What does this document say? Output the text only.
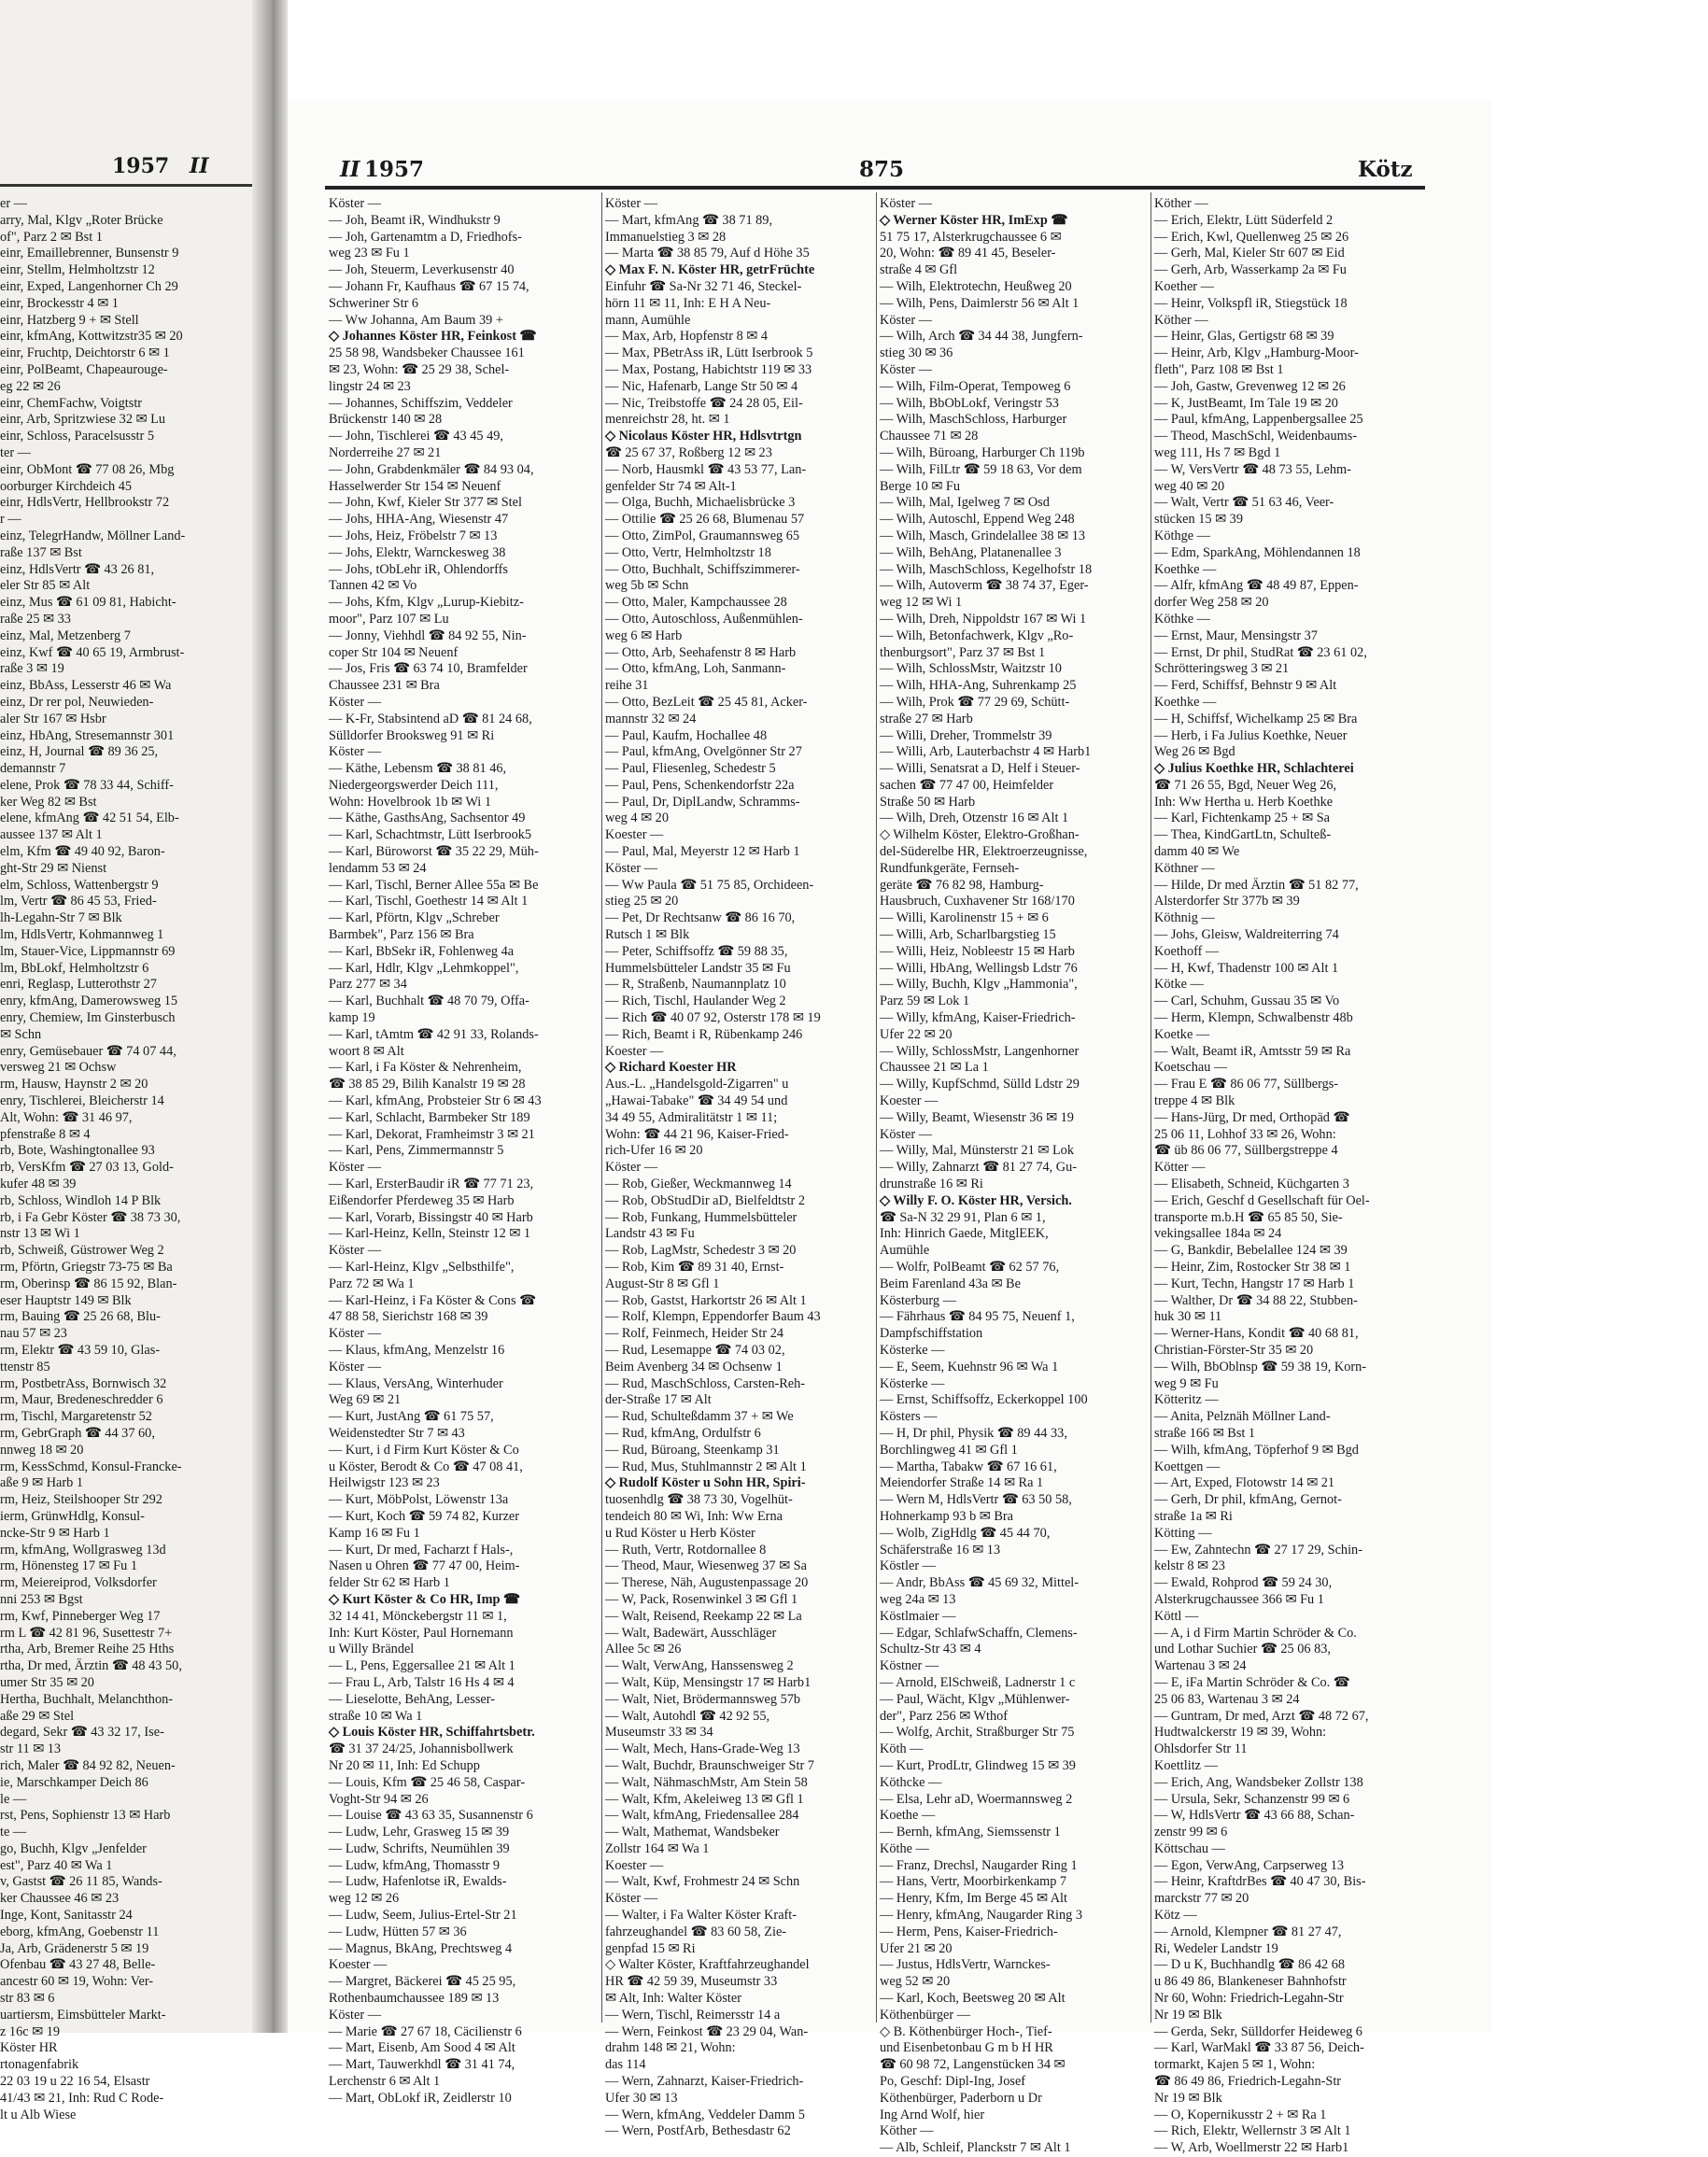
1957 II
er —
arry, Mal, Klgv „Roter Brücke
of", Parz 2 ✉ Bst 1
einr, Emaillebrenner, Bunsenstr 9
einr, Stellm, Helmholtzstr 12
einr, Exped, Langenhorner Ch 29
einr, Brockesstr 4 ✉ 1
einr, Hatzberg 9 + ✉ Stell
einr, kfmAng, Kottwitzstr35 ✉ 20
einr, Fruchtp, Deichtorstr 6 ✉ 1
einr, PolBeamt, Chapeaurouge-
eg 22 ✉ 26
einr, ChemFachw, Voigtstr
einr, Arb, Spritzwiese 32 ✉ Lu
einr, Schloss, Paracelsusstr 5
ter —
einr, ObMont ☎ 77 08 26, Mbg
oorburger Kirchdeich 45
einr, HdlsVertr, Hellbrookstr 72
r —
einz, TelegrHandw, Möllner Land-
raße 137 ✉ Bst
einz, HdlsVertr ☎ 43 26 81,
eler Str 85 ✉ Alt
einz, Mus ☎ 61 09 81, Habicht-
raße 25 ✉ 33
einz, Mal, Metzenberg 7
einz, Kwf ☎ 40 65 19, Armbrust-
raße 3 ✉ 19
einz, BbAss, Lesserstr 46 ✉ Wa
einz, Dr rer pol, Neuwieden-
aler Str 167 ✉ Hsbr
einz, HbAng, Stresemannstr 301
einz, H, Journal ☎ 89 36 25,
demannstr 7
elene, Prok ☎ 78 33 44, Schiff-
ker Weg 82 ✉ Bst
elene, kfmAng ☎ 42 51 54, Elb-
aussee 137 ✉ Alt 1
elm, Kfm ☎ 49 40 92, Baron-
ght-Str 29 ✉ Nienst
elm, Schloss, Wattenbergstr 9
lm, Vertr ☎ 86 45 53, Fried-
lh-Legahn-Str 7 ✉ Blk
lm, HdlsVertr, Kohmannweg 1
lm, Stauer-Vice, Lippmannstr 69
lm, BbLokf, Helmholtzstr 6
enri, Reglasp, Lutterothstr 27
enry, kfmAng, Damerowsweg 15
enry, Chemiew, Im Ginsterbusch
✉ Schn
enry, Gemüsebauer ☎ 74 07 44,
versweg 21 ✉ Ochsw
rm, Hausw, Haynstr 2 ✉ 20
enry, Tischlerei, Bleicherstr 14
Alt, Wohn: ☎ 31 46 97,
pfenstraße 8 ✉ 4
rb, Bote, Washingtonallee 93
rb, VersKfm ☎ 27 03 13, Gold-
kufer 48 ✉ 39
rb, Schloss, Windloh 14 P Blk
rb, i Fa Gebr Köster ☎ 38 73 30,
nstr 13 ✉ Wi 1
rb, Schweiß, Güstrower Weg 2
rm, Pförtn, Griegstr 73-75 ✉ Ba
rm, Oberinsp ☎ 86 15 92, Blan-
eser Hauptstr 149 ✉ Blk
rm, Bauing ☎ 25 26 68, Blu-
nau 57 ✉ 23
rm, Elektr ☎ 43 59 10, Glas-
ttenstr 85
rm, PostbetrAss, Bornwisch 32
rm, Maur, Bredeneschredder 6
rm, Tischl, Margaretenstr 52
rm, GebrGraph ☎ 44 37 60,
nnweg 18 ✉ 20
rm, KessSchmd, Konsul-Francke-
aße 9 ✉ Harb 1
rm, Heiz, Steilshooper Str 292
ierm, GrünwHdlg, Konsul-
ncke-Str 9 ✉ Harb 1
rm, kfmAng, Wollgrasweg 13d
rm, Hönensteg 17 ✉ Fu 1
rm, Meiereiprod, Volksdorfer
nni 253 ✉ Bgst
rm, Kwf, Pinneberger Weg 17
rm L ☎ 42 81 96, Susettestr 7+
rtha, Arb, Bremer Reihe 25 Hths
rtha, Dr med, Ärztin ☎ 48 43 50,
umer Str 35 ✉ 20
Hertha, Buchhalt, Melanchthon-
aße 29 ✉ Stel
degard, Sekr ☎ 43 32 17, Ise-
str 11 ✉ 13
rich, Maler ☎ 84 92 82, Neuen-
ie, Marschkamper Deich 86
le —
rst, Pens, Sophienstr 13 ✉ Harb
te —
go, Buchh, Klgv „Jenfelder
est", Parz 40 ✉ Wa 1
v, Gastst ☎ 26 11 85, Wands-
ker Chaussee 46 ✉ 23
Inge, Kont, Sanitasstr 24
eborg, kfmAng, Goebenstr 11
Ja, Arb, Grädenerstr 5 ✉ 19
Ofenbau ☎ 43 27 48, Belle-
ancestr 60 ✉ 19, Wohn: Ver-
str 83 ✉ 6
uartiersm, Eimsbütteler Markt-
z 16c ✉ 19
Köster HR
rtonagenfabrik
22 03 19 u 22 16 54, Elsastr
41/43 ✉ 21, Inh: Rud C Rode-
lt u Alb Wiese
II 1957	875	Kötz
Köster —
— Joh, Beamt iR, Windhukstr 9
— Joh, Gartenamtm a D, Friedhofs-
weg 23 ✉ Fu 1
— Joh, Steuerm, Leverkusenstr 40
— Johann Fr, Kaufhaus ☎ 67 15 74,
Schweriner Str 6
— Ww Johanna, Am Baum 39 +
◇ Johannes Köster HR, Feinkost ☎
25 58 98, Wandsbeker Chaussee 161
✉ 23, Wohn: ☎ 25 29 38, Schel-
lingstr 24 ✉ 23
— Johannes, Schiffszim, Veddeler
Brückenstr 140 ✉ 28
— John, Tischlerei ☎ 43 45 49,
Norderreihe 27 ✉ 21
— John, Grabdenkmäler ☎ 84 93 04,
Hasselwerder Str 154 ✉ Neuenf
— John, Kwf, Kieler Str 377 ✉ Stel
— Johs, HHA-Ang, Wiesenstr 47
— Johs, Heiz, Fröbelstr 7 ✉ 13
— Johs, Elektr, Warnckesweg 38
— Johs, tObLehr iR, Ohlendorffs
Tannen 42 ✉ Vo
— Johs, Kfm, Klgv „Lurup-Kiebitz-
moor", Parz 107 ✉ Lu
— Jonny, Viehhdl ☎ 84 92 55, Nin-
coper Str 104 ✉ Neuenf
— Jos, Fris ☎ 63 74 10, Bramfelder
Chaussee 231 ✉ Bra
Köster —
— K-Fr, Stabsintend aD ☎ 81 24 68,
Sülldorfer Brooksweg 91 ✉ Ri
Köster —
— Käthe, Lebensm ☎ 38 81 46,
Niedergeorgswerder Deich 111,
Wohn: Hovelbrook 1b ✉ Wi 1
— Käthe, GasthsAng, Sachsentor 49
— Karl, Schachtmstr, Lütt Iserbrook5
— Karl, Büroworst ☎ 35 22 29, Müh-
lendamm 53 ✉ 24
— Karl, Tischl, Berner Allee 55a ✉ Be
— Karl, Tischl, Goethestr 14 ✉ Alt 1
— Karl, Pförtn, Klgv „Schreber
Barmbek", Parz 156 ✉ Bra
— Karl, BbSekr iR, Fohlenweg 4a
— Karl, Hdlr, Klgv „Lehmkoppel",
Parz 277 ✉ 34
— Karl, Buchhalt ☎ 48 70 79, Offa-
kamp 19
— Karl, tAmtm ☎ 42 91 33, Rolands-
woort 8 ✉ Alt
— Karl, i Fa Köster & Nehrenheim,
☎ 38 85 29, Bilih Kanalstr 19 ✉ 28
— Karl, kfmAng, Probsteier Str 6 ✉ 43
— Karl, Schlacht, Barmbeker Str 189
— Karl, Dekorat, Framheimstr 3 ✉ 21
— Karl, Pens, Zimmermannstr 5
Köster —
— Karl, ErsterBaudir iR ☎ 77 71 23,
Eißendorfer Pferdeweg 35 ✉ Harb
— Karl, Vorarb, Bissingstr 40 ✉ Harb
— Karl-Heinz, Kelln, Steinstr 12 ✉ 1
Köster —
— Karl-Heinz, Klgv „Selbsthilfe",
Parz 72 ✉ Wa 1
— Karl-Heinz, i Fa Köster & Cons ☎
47 88 58, Sierichstr 168 ✉ 39
Köster —
— Klaus, kfmAng, Menzelstr 16
Köster —
— Klaus, VersAng, Winterhuder
Weg 69 ✉ 21
— Kurt, JustAng ☎ 61 75 57,
Weidenstedter Str 7 ✉ 43
— Kurt, i d Firm Kurt Köster & Co
u Köster, Berodt & Co ☎ 47 08 41,
Heilwigstr 123 ✉ 23
— Kurt, MöbPolst, Löwenstr 13a
— Kurt, Koch ☎ 59 74 82, Kurzer
Kamp 16 ✉ Fu 1
— Kurt, Dr med, Facharzt f Hals-,
Nasen u Ohren ☎ 77 47 00, Heim-
felder Str 62 ✉ Harb 1
◇ Kurt Köster & Co HR, Imp ☎
32 14 41, Mönckebergstr 11 ✉ 1,
Inh: Kurt Köster, Paul Hornemann
u Willy Brändel
— L, Pens, Eggersallee 21 ✉ Alt 1
— Frau L, Arb, Talstr 16 Hs 4 ✉ 4
— Lieselotte, BehAng, Lesser-
straße 10 ✉ Wa 1
◇ Louis Köster HR, Schiffahrtsbetr.
☎ 31 37 24/25, Johannisbollwerk
Nr 20 ✉ 11, Inh: Ed Schupp
— Louis, Kfm ☎ 25 46 58, Caspar-
Voght-Str 94 ✉ 26
— Louise ☎ 43 63 35, Susannenstr 6
— Ludw, Lehr, Grasweg 15 ✉ 39
— Ludw, Schrifts, Neumühlen 39
— Ludw, kfmAng, Thomasstr 9
— Ludw, Hafenlotse iR, Ewalds-
weg 12 ✉ 26
— Ludw, Seem, Julius-Ertel-Str 21
— Ludw, Hütten 57 ✉ 36
— Magnus, BkAng, Prechtsweg 4
Koester —
— Margret, Bäckerei ☎ 45 25 95,
Rothenbaumchaussee 189 ✉ 13
Köster —
— Marie ☎ 27 67 18, Cäcilienstr 6
— Mart, Eisenb, Am Sood 4 ✉ Alt
— Mart, Tauwerkhdl ☎ 31 41 74,
Lerchenstr 6 ✉ Alt 1
— Mart, ObLokf iR, Zeidlerstr 10
Köster —
— Mart, kfmAng ☎ 38 71 89,
Immanuelstieg 3 ✉ 28
— Marta ☎ 38 85 79, Auf d Höhe 35
◇ Max F. N. Köster HR, getrFrüchte
Einfuhr ☎ Sa-Nr 32 71 46, Steckel-
hörn 11 ✉ 11, Inh: E H A Neu-
mann, Aumühle
— Max, Arb, Hopfenstr 8 ✉ 4
— Max, PBetrAss iR, Lütt Iserbrook 5
— Max, Postang, Habichtstr 119 ✉ 33
— Nic, Hafenarb, Lange Str 50 ✉ 4
— Nic, Treibstoffe ☎ 24 28 05, Eil-
menreichstr 28, ht. ✉ 1
◇ Nicolaus Köster HR, Hdlsvtrtgn
☎ 25 67 37, Roßberg 12 ✉ 23
— Norb, Hausmkl ☎ 43 53 77, Lan-
genfelder Str 74 ✉ Alt-1
— Olga, Buchh, Michaelisbrücke 3
— Ottilie ☎ 25 26 68, Blumenau 57
— Otto, ZimPol, Graumannsweg 65
— Otto, Vertr, Helmholtzstr 18
— Otto, Buchhalt, Schiffszimmerer-
weg 5b ✉ Schn
— Otto, Maler, Kampchaussee 28
— Otto, Autoschloss, Außenmühlen-
weg 6 ✉ Harb
— Otto, Arb, Seehafenstr 8 ✉ Harb
— Otto, kfmAng, Loh, Sanmann-
reihe 31
— Otto, BezLeit ☎ 25 45 81, Acker-
mannstr 32 ✉ 24
— Paul, Kaufm, Hochallee 48
— Paul, kfmAng, Ovelgönner Str 27
— Paul, Fliesenleg, Schedestr 5
— Paul, Pens, Schenkendorfstr 22a
— Paul, Dr, DiplLandw, Schramms-
weg 4 ✉ 20
Koester —
— Paul, Mal, Meyerstr 12 ✉ Harb 1
Köster —
— Ww Paula ☎ 51 75 85, Orchideen-
stieg 25 ✉ 20
— Pet, Dr Rechtsanw ☎ 86 16 70,
Rutsch 1 ✉ Blk
— Peter, Schiffsoffz ☎ 59 88 35,
Hummelsbütteler Landstr 35 ✉ Fu
— R, Straßenb, Naumannplatz 10
— Rich, Tischl, Haulander Weg 2
— Rich ☎ 40 07 92, Osterstr 178 ✉ 19
— Rich, Beamt i R, Rübenkamp 246
Koester —
◇ Richard Koester HR
Aus.-L. „Handelsgold-Zigarren" u
„Hawai-Tabake" ☎ 34 49 54 und
34 49 55, Admiralitätstr 1 ✉ 11;
Wohn: ☎ 44 21 96, Kaiser-Fried-
rich-Ufer 16 ✉ 20
Köster —
— Rob, Gießer, Weckmannweg 14
— Rob, ObStudDir aD, Bielfeldtstr 2
— Rob, Funkang, Hummelsbütteler
Landstr 43 ✉ Fu
— Rob, LagMstr, Schedestr 3 ✉ 20
— Rob, Kim ☎ 89 31 40, Ernst-
August-Str 8 ✉ Gfl 1
— Rob, Gastst, Harkortstr 26 ✉ Alt 1
— Rolf, Klempn, Eppendorfer Baum 43
— Rolf, Feinmech, Heider Str 24
— Rud, Lesemappe ☎ 74 03 02,
Beim Avenberg 34 ✉ Ochsenw 1
— Rud, MaschSchloss, Carsten-Reh-
der-Straße 17 ✉ Alt
— Rud, Schulteßdamm 37 + ✉ We
— Rud, kfmAng, Ordulfstr 6
— Rud, Büroang, Steenkamp 31
— Rud, Mus, Stuhlmannstr 2 ✉ Alt 1
◇ Rudolf Köster u Sohn HR, Spiri-
tuosenhdlg ☎ 38 73 30, Vogelhüt-
tendeich 80 ✉ Wi, Inh: Ww Erna
u Rud Köster u Herb Köster
— Ruth, Vertr, Rotdornallee 8
— Theod, Maur, Wiesenweg 37 ✉ Sa
— Therese, Näh, Augustenpassage 20
— W, Pack, Rosenwinkel 3 ✉ Gfl 1
— Walt, Reisend, Reekamp 22 ✉ La
— Walt, Badewärt, Ausschläger
Allee 5c ✉ 26
— Walt, VerwAng, Hanssensweg 2
— Walt, Küp, Mensingstr 17 ✉ Harb1
— Walt, Niet, Brödermannsweg 57b
— Walt, Autohdl ☎ 42 92 55,
Museumstr 33 ✉ 34
— Walt, Mech, Hans-Grade-Weg 13
— Walt, Buchdr, Braunschweiger Str 7
— Walt, NähmaschMstr, Am Stein 58
— Walt, Kfm, Akeleiweg 13 ✉ Gfl 1
— Walt, kfmAng, Friedensallee 284
— Walt, Mathemat, Wandsbeker
Zollstr 164 ✉ Wa 1
Koester —
— Walt, Kwf, Frohmestr 24 ✉ Schn
Köster —
— Walter, i Fa Walter Köster Kraft-
fahrzeughandel ☎ 83 60 58, Zie-
genpfad 15 ✉ Ri
◇ Walter Köster, Kraftfahrzeughandel
HR ☎ 42 59 39, Museumstr 33
✉ Alt, Inh: Walter Köster
— Wern, Tischl, Reimersstr 14 a
— Wern, Feinkost ☎ 23 29 04, Wan-
drahm 148 ✉ 21, Wohn:
das 114
— Wern, Zahnarzt, Kaiser-Friedrich-
Ufer 30 ✉ 13
— Wern, kfmAng, Veddeler Damm 5
— Wern, PostfArb, Bethesdastr 62
Köster —
◇ Werner Köster HR, ImExp ☎
51 75 17, Alsterkrugchaussee 6 ✉
20, Wohn: ☎ 89 41 45, Beseler-
straße 4 ✉ Gfl
— Wilh, Elektrotechn, Heußweg 20
— Wilh, Pens, Daimlerstr 56 ✉ Alt 1
Köster —
— Wilh, Arch ☎ 34 44 38, Jungfern-
stieg 30 ✉ 36
Köster —
— Wilh, Film-Operat, Tempoweg 6
— Wilh, BbObLokf, Veringstr 53
— Wilh, MaschSchloss, Harburger
Chaussee 71 ✉ 28
— Wilh, Büroang, Harburger Ch 119b
— Wilh, FilLtr ☎ 59 18 63, Vor dem
Berge 10 ✉ Fu
— Wilh, Mal, Igelweg 7 ✉ Osd
— Wilh, Autoschl, Eppend Weg 248
— Wilh, Masch, Grindelallee 38 ✉ 13
— Wilh, BehAng, Platanenallee 3
— Wilh, MaschSchloss, Kegelhofstr 18
— Wilh, Autoverm ☎ 38 74 37, Eger-
weg 12 ✉ Wi 1
— Wilh, Dreh, Nippoldstr 167 ✉ Wi 1
— Wilh, Betonfachwerk, Klgv „Ro-
thenburgsort", Parz 37 ✉ Bst 1
— Wilh, SchlossMstr, Waitzstr 10
— Wilh, HHA-Ang, Suhrenkamp 25
— Wilh, Prok ☎ 77 29 69, Schütt-
straße 27 ✉ Harb
— Willi, Dreher, Trommelstr 39
— Willi, Arb, Lauterbachstr 4 ✉ Harb1
— Willi, Senatsrat a D, Helf i Steuer-
sachen ☎ 77 47 00, Heimfelder
Straße 50 ✉ Harb
— Wilh, Dreh, Otzenstr 16 ✉ Alt 1
◇ Wilhelm Köster, Elektro-Großhan-
del-Süderelbe HR, Elektroerzeugnisse,
Rundfunkgeräte, Fernseh-
geräte ☎ 76 82 98, Hamburg-
Hausbruch, Cuxhavener Str 168/170
— Willi, Karolinenstr 15 + ✉ 6
— Willi, Arb, Scharlbargstieg 15
— Willi, Heiz, Nobleestr 15 ✉ Harb
— Willi, HbAng, Wellingsb Ldstr 76
— Willy, Buchh, Klgv „Hammonia",
Parz 59 ✉ Lok 1
— Willy, kfmAng, Kaiser-Friedrich-
Ufer 22 ✉ 20
— Willy, SchlossMstr, Langenhorner
Chaussee 21 ✉ La 1
— Willy, KupfSchmd, Sülld Ldstr 29
Koester —
— Willy, Beamt, Wiesenstr 36 ✉ 19
Köster —
— Willy, Mal, Münsterstr 21 ✉ Lok
— Willy, Zahnarzt ☎ 81 27 74, Gu-
drunstraße 16 ✉ Ri
◇ Willy F. O. Köster HR, Versich.
☎ Sa-N 32 29 91, Plan 6 ✉ 1,
Inh: Hinrich Gaede, MitglEEK,
Aumühle
— Wolfr, PolBeamt ☎ 62 57 76,
Beim Farenland 43a ✉ Be
Kösterburg —
— Fährhaus ☎ 84 95 75, Neuenf 1,
Dampfschiffstation
Kösterke —
— E, Seem, Kuehnstr 96 ✉ Wa 1
Kösterke —
— Ernst, Schiffsoffz, Eckerkoppel 100
Kösters —
— H, Dr phil, Physik ☎ 89 44 33,
Borchlingweg 41 ✉ Gfl 1
— Martha, Tabakw ☎ 67 16 61,
Meiendorfer Straße 14 ✉ Ra 1
— Wern M, HdlsVertr ☎ 63 50 58,
Hohnerkamp 93 b ✉ Bra
— Wolb, ZigHdlg ☎ 45 44 70,
Schäferstraße 16 ✉ 13
Köstler —
— Andr, BbAss ☎ 45 69 32, Mittel-
weg 24a ✉ 13
Köstlmaier —
— Edgar, SchlafwSchaffn, Clemens-
Schultz-Str 43 ✉ 4
Köstner —
— Arnold, ElSchweiß, Ladnerstr 1 c
— Paul, Wächt, Klgv „Mühlenwer-
der", Parz 256 ✉ Wthof
— Wolfg, Archit, Straßburger Str 75
Köth —
— Kurt, ProdLtr, Glindweg 15 ✉ 39
Köthcke —
— Elsa, Lehr aD, Woermannsweg 2
Koethe —
— Bernh, kfmAng, Siemssenstr 1
Köthe —
— Franz, Drechsl, Naugarder Ring 1
— Hans, Vertr, Moorbirkenkamp 7
— Henry, Kfm, Im Berge 45 ✉ Alt
— Henry, kfmAng, Naugarder Ring 3
— Herm, Pens, Kaiser-Friedrich-
Ufer 21 ✉ 20
— Justus, HdlsVertr, Warnckes-
weg 52 ✉ 20
— Karl, Koch, Beetsweg 20 ✉ Alt
Köthenbürger —
◇ B. Köthenbürger Hoch-, Tief-
und Eisenbetonbau G m b H HR
☎ 60 98 72, Langenstücken 34 ✉
Po, Geschf: Dipl-Ing, Josef
Köthenbürger, Paderborn u Dr
Ing Arnd Wolf, hier
Köther —
— Alb, Schleif, Planckstr 7 ✉ Alt 1
Köther —
— Erich, Elektr, Lütt Süderfeld 2
— Erich, Kwl, Quellenweg 25 ✉ 26
— Gerh, Mal, Kieler Str 607 ✉ Eid
— Gerh, Arb, Wasserkamp 2a ✉ Fu
Koether —
— Heinr, Volkspfl iR, Stiegstück 18
Köther —
— Heinr, Glas, Gertigstr 68 ✉ 39
— Heinr, Arb, Klgv „Hamburg-Moor-
fleth", Parz 108 ✉ Bst 1
— Joh, Gastw, Grevenweg 12 ✉ 26
— K, JustBeamt, Im Tale 19 ✉ 20
— Paul, kfmAng, Lappenbergsallee 25
— Theod, MaschSchl, Weidenbaums-
weg 111, Hs 7 ✉ Bgd 1
— W, VersVertr ☎ 48 73 55, Lehm-
weg 40 ✉ 20
— Walt, Vertr ☎ 51 63 46, Veer-
stücken 15 ✉ 39
Köthge —
— Edm, SparkAng, Möhlendannen 18
Koethke —
— Alfr, kfmAng ☎ 48 49 87, Eppen-
dorfer Weg 258 ✉ 20
Köthke —
— Ernst, Maur, Mensingstr 37
— Ernst, Dr phil, StudRat ☎ 23 61 02,
Schrötteringsweg 3 ✉ 21
— Ferd, Schiffsf, Behnstr 9 ✉ Alt
Koethke —
— H, Schiffsf, Wichelkamp 25 ✉ Bra
— Herb, i Fa Julius Koethke, Neuer
Weg 26 ✉ Bgd
◇ Julius Koethke HR, Schlachterei
☎ 71 26 55, Bgd, Neuer Weg 26,
Inh: Ww Hertha u. Herb Koethke
— Karl, Fichtenkamp 25 + ✉ Sa
— Thea, KindGartLtn, Schulteß-
damm 40 ✉ We
Köthner —
— Hilde, Dr med Ärztin ☎ 51 82 77,
Alsterdorfer Str 377b ✉ 39
Köthnig —
— Johs, Gleisw, Waldreiterring 74
Koethoff —
— H, Kwf, Thadenstr 100 ✉ Alt 1
Kötke —
— Carl, Schuhm, Gussau 35 ✉ Vo
— Herm, Klempn, Schwalbenstr 48b
Koetke —
— Walt, Beamt iR, Amtsstr 59 ✉ Ra
Koetschau —
— Frau E ☎ 86 06 77, Süllbergs-
treppe 4 ✉ Blk
— Hans-Jürg, Dr med, Orthopäd ☎
25 06 11, Lohhof 33 ✉ 26, Wohn:
☎ üb 86 06 77, Süllbergstreppe 4
Kötter —
— Elisabeth, Schneid, Küchgarten 3
— Erich, Geschf d Gesellschaft für Oel-
transporte m.b.H ☎ 65 85 50, Sie-
vekingsallee 184a ✉ 24
— G, Bankdir, Bebelallee 124 ✉ 39
— Heinr, Zim, Rostocker Str 38 ✉ 1
— Kurt, Techn, Hangstr 17 ✉ Harb 1
— Walther, Dr ☎ 34 88 22, Stubben-
huk 30 ✉ 11
— Werner-Hans, Kondit ☎ 40 68 81,
Christian-Förster-Str 35 ✉ 20
— Wilh, BbOblnsp ☎ 59 38 19, Korn-
weg 9 ✉ Fu
Kötteritz —
— Anita, Pelznäh Möllner Land-
straße 166 ✉ Bst 1
— Wilh, kfmAng, Töpferhof 9 ✉ Bgd
Koettgen —
— Art, Exped, Flotowstr 14 ✉ 21
— Gerh, Dr phil, kfmAng, Gernot-
straße 1a ✉ Ri
Kötting —
— Ew, Zahntechn ☎ 27 17 29, Schin-
kelstr 8 ✉ 23
— Ewald, Rohprod ☎ 59 24 30,
Alsterkrugchaussee 366 ✉ Fu 1
Köttl —
— A, i d Firm Martin Schröder & Co.
und Lothar Suchier ☎ 25 06 83,
Wartenau 3 ✉ 24
— E, iFa Martin Schröder & Co. ☎
25 06 83, Wartenau 3 ✉ 24
— Guntram, Dr med, Arzt ☎ 48 72 67,
Hudtwalckerstr 19 ✉ 39, Wohn:
Ohlsdorfer Str 11
Koettlitz —
— Erich, Ang, Wandsbeker Zollstr 138
— Ursula, Sekr, Schanzenstr 99 ✉ 6
— W, HdlsVertr ☎ 43 66 88, Schan-
zenstr 99 ✉ 6
Köttschau —
— Egon, VerwAng, Carpserweg 13
— Heinr, KraftdrBes ☎ 40 47 30, Bis-
marckstr 77 ✉ 20
Kötz —
— Arnold, Klempner ☎ 81 27 47,
Ri, Wedeler Landstr 19
— D u K, Buchhandlg ☎ 86 42 68
u 86 49 86, Blankeneser Bahnhofstr
Nr 60, Wohn: Friedrich-Legahn-Str
Nr 19 ✉ Blk
— Gerda, Sekr, Sülldorfer Heideweg 6
— Karl, WarMakl ☎ 33 87 56, Deich-
tormarkt, Kajen 5 ✉ 1, Wohn:
☎ 86 49 86, Friedrich-Legahn-Str
Nr 19 ✉ Blk
— O, Kopernikusstr 2 + ✉ Ra 1
— Rich, Elektr, Wellernstr 3 ✉ Alt 1
— W, Arb, Woellmerstr 22 ✉ Harb1
